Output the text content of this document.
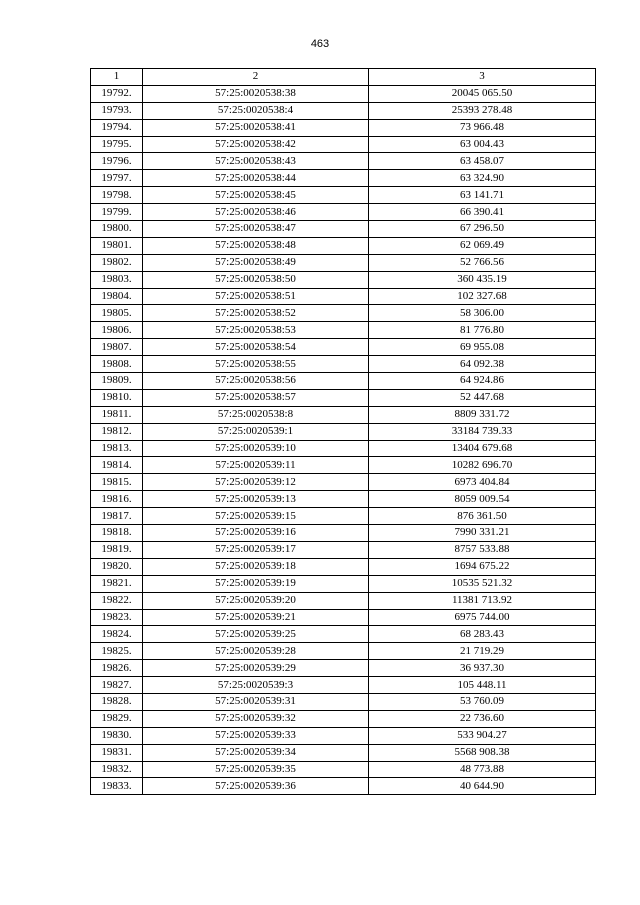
463
1	2	3
19792.	57:25:0020538:38	20045 065.50
19793.	57:25:0020538:4	25393 278.48
19794.	57:25:0020538:41	73 966.48
19795.	57:25:0020538:42	63 004.43
19796.	57:25:0020538:43	63 458.07
19797.	57:25:0020538:44	63 324.90
19798.	57:25:0020538:45	63 141.71
19799.	57:25:0020538:46	66 390.41
19800.	57:25:0020538:47	67 296.50
19801.	57:25:0020538:48	62 069.49
19802.	57:25:0020538:49	52 766.56
19803.	57:25:0020538:50	360 435.19
19804.	57:25:0020538:51	102 327.68
19805.	57:25:0020538:52	58 306.00
19806.	57:25:0020538:53	81 776.80
19807.	57:25:0020538:54	69 955.08
19808.	57:25:0020538:55	64 092.38
19809.	57:25:0020538:56	64 924.86
19810.	57:25:0020538:57	52 447.68
19811.	57:25:0020538:8	8809 331.72
19812.	57:25:0020539:1	33184 739.33
19813.	57:25:0020539:10	13404 679.68
19814.	57:25:0020539:11	10282 696.70
19815.	57:25:0020539:12	6973 404.84
19816.	57:25:0020539:13	8059 009.54
19817.	57:25:0020539:15	876 361.50
19818.	57:25:0020539:16	7990 331.21
19819.	57:25:0020539:17	8757 533.88
19820.	57:25:0020539:18	1694 675.22
19821.	57:25:0020539:19	10535 521.32
19822.	57:25:0020539:20	11381 713.92
19823.	57:25:0020539:21	6975 744.00
19824.	57:25:0020539:25	68 283.43
19825.	57:25:0020539:28	21 719.29
19826.	57:25:0020539:29	36 937.30
19827.	57:25:0020539:3	105 448.11
19828.	57:25:0020539:31	53 760.09
19829.	57:25:0020539:32	22 736.60
19830.	57:25:0020539:33	533 904.27
19831.	57:25:0020539:34	5568 908.38
19832.	57:25:0020539:35	48 773.88
19833.	57:25:0020539:36	40 644.90
